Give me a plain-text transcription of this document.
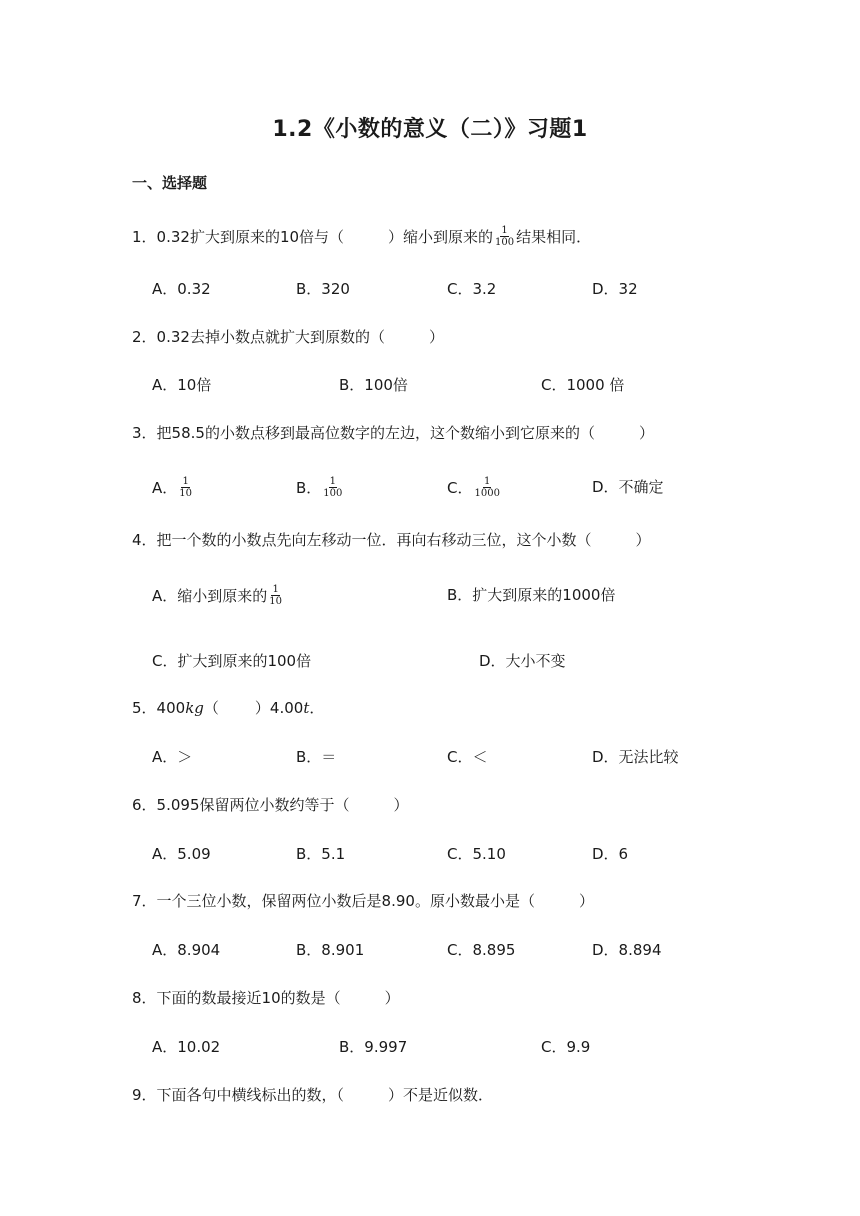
1.2《小数的意义（二）》习题1
一、选择题
1．0.32扩大到原来的10倍与（	）缩小到原来的 $\frac{1}{100}$ 结果相同．
A．0.32	B．320	C．3.2	D．32
2．0.32去掉小数点就扩大到原数的（	）
A．10倍	B．100倍	C．1000 倍
3．把58.5的小数点移到最高位数字的左边，这个数缩小到它原来的（	）
A． $\frac{1}{10}$	B． $\frac{1}{100}$	C． $\frac{1}{1000}$	D．不确定
4．把一个数的小数点先向左移动一位．再向右移动三位，这个小数（	）
A．缩小到原来的 $\frac{1}{10}$	B．扩大到原来的1000倍
C．扩大到原来的100倍	D．大小不变
5．400kg（ ）4.00t．
A．＞	B．＝	C．＜	D．无法比较
6．5.095保留两位小数约等于（	）
A．5.09	B．5.1	C．5.10	D．6
7．一个三位小数，保留两位小数后是8.90。原小数最小是（	）
A．8.904	B．8.901	C．8.895	D．8.894
8．下面的数最接近10的数是（	）
A．10.02	B．9.997	C．9.9
9．下面各句中横线标出的数，（	）不是近似数．
